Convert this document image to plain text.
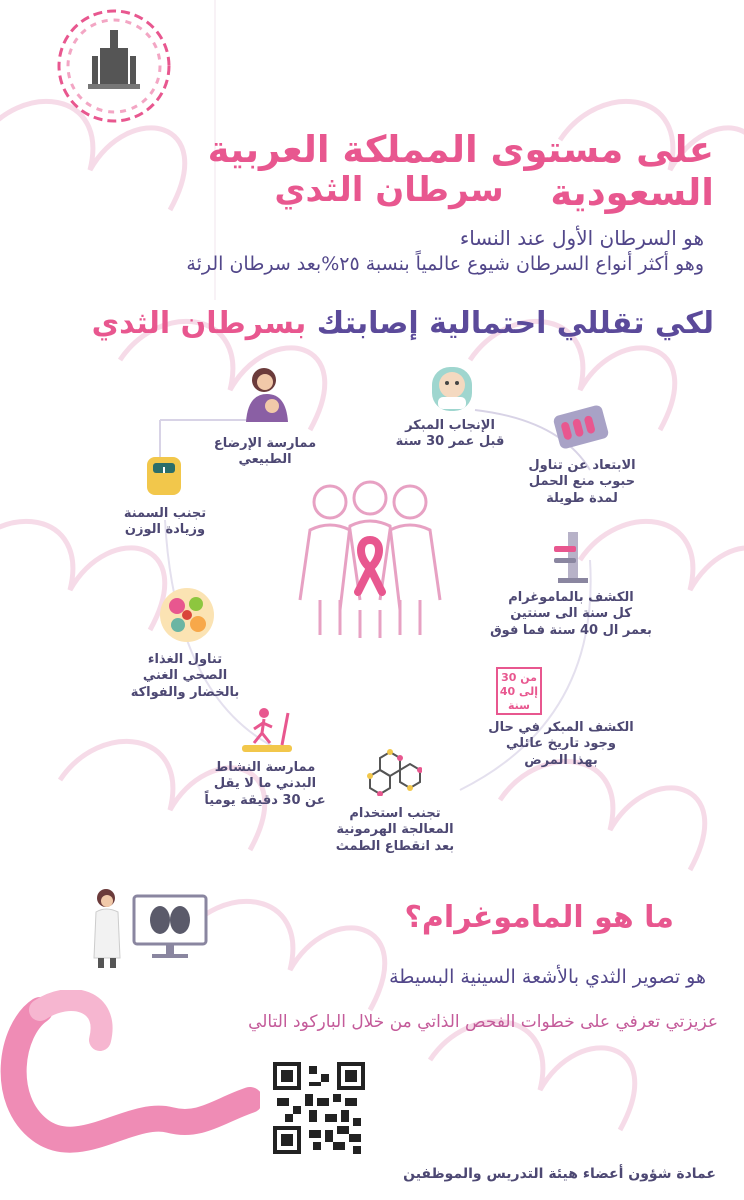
على مستوى المملكة العربية السعودية
سرطان الثدي
هو السرطان الأول عند النساء
وهو أكثر أنواع السرطان شيوع عالمياً بنسبة ٢٥%بعد سرطان الرئة
لكي تقللي احتمالية إصابتك بسرطان الثدي
الإنجاب المبكر
قبل عمر 30 سنة
ممارسة الإرضاع
الطبيعي	الابتعاد عن تناول
حبوب منع الحمل
لمدة طويلة
تجنب السمنة
وزيادة الوزن
الكشف بالماموغرام
كل سنة الى سنتين
بعمر ال 40 سنة فما فوق
تناول الغذاء
الصحي الغني
بالخضار والفواكة
من 30
إلى 40
سنة
الكشف المبكر في حال
وجود تاريخ عائلي
بهذا المرض
ممارسة النشاط
البدني ما لا يقل
عن 30 دقيقة يومياً
تجنب استخدام
المعالجة الهرمونية
بعد انقطاع الطمث
ما هو الماموغرام؟
هو تصوير الثدي بالأشعة السينية البسيطة
عزيزتي تعرفي على خطوات الفحص الذاتي من خلال الباركود التالي
عمادة شؤون أعضاء هيئة التدريس والموظفين
